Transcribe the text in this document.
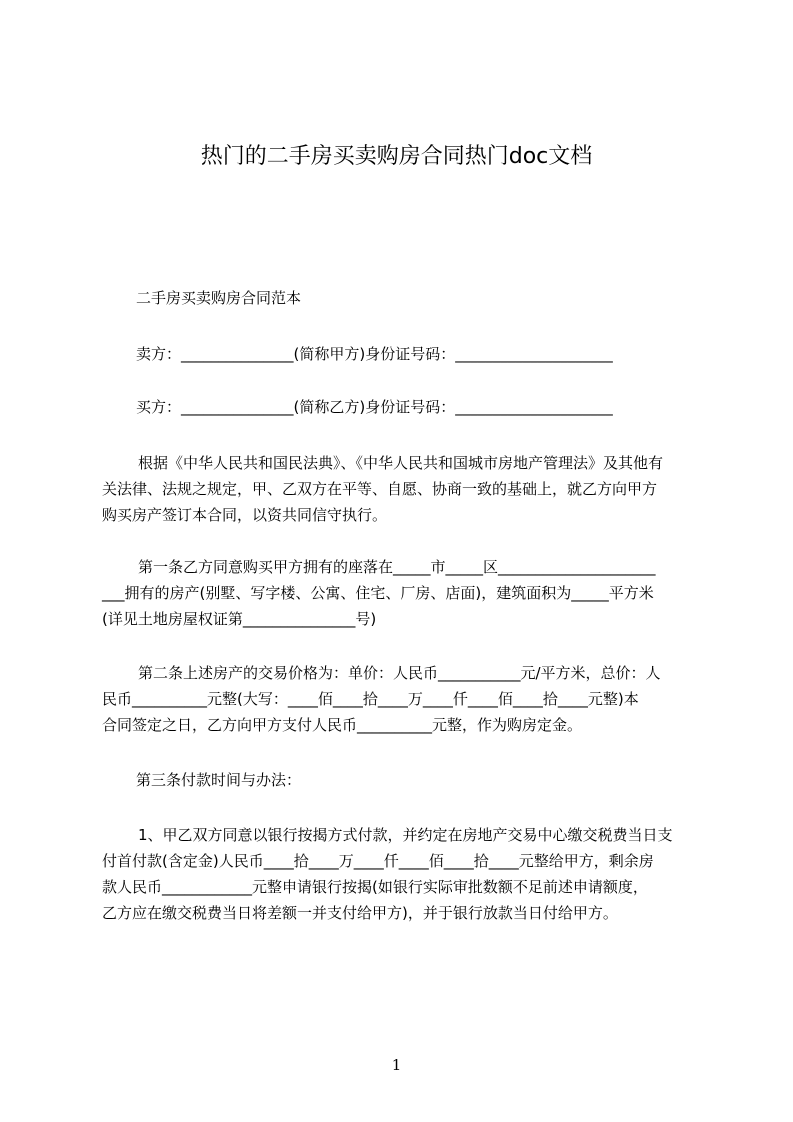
热门的二手房买卖购房合同热门doc文档
二手房买卖购房合同范本
卖方：_______________(简称甲方)身份证号码：_____________________
买方：_______________(简称乙方)身份证号码：_____________________
根据《中华人民共和国民法典》、《中华人民共和国城市房地产管理法》及其他有
关法律、法规之规定，甲、乙双方在平等、自愿、协商一致的基础上，就乙方向甲方
购买房产签订本合同，以资共同信守执行。
第一条乙方同意购买甲方拥有的座落在_____市_____区_____________________
___拥有的房产(别墅、写字楼、公寓、住宅、厂房、店面)，建筑面积为_____平方米
(详见土地房屋权证第_______________号)
第二条上述房产的交易价格为：单价：人民币___________元/平方米，总价：人
民币__________元整(大写：____佰____拾____万____仟____佰____拾____元整)本
合同签定之日，乙方向甲方支付人民币__________元整，作为购房定金。
第三条付款时间与办法：
1、甲乙双方同意以银行按揭方式付款，并约定在房地产交易中心缴交税费当日支
付首付款(含定金)人民币____拾____万____仟____佰____拾____元整给甲方，剩余房
款人民币____________元整申请银行按揭(如银行实际审批数额不足前述申请额度，
乙方应在缴交税费当日将差额一并支付给甲方)，并于银行放款当日付给甲方。
1
